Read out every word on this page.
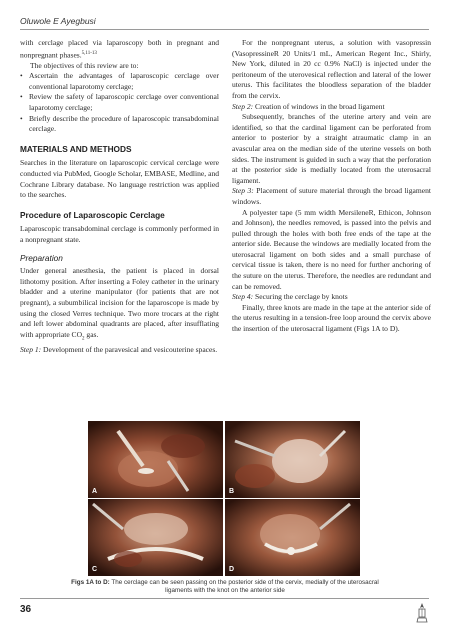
Oluwole E Ayegbusi

with cerclage placed via laparoscopy both in pregnant and nonpregnant phases.$^{5,11-13}$

The objectives of this review are to:

• Ascertain the advantages of laparoscopic cerclage over conventional laparotomy cerclage;
• Review the safety of laparoscopic cerclage over conventional laparotomy cerclage;
• Briefly describe the procedure of laparoscopic transabdominal cerclage.
MATERIALS AND METHODS

Searches in the literature on laparoscopic cervical cerclage were conducted via PubMed, Google Scholar, EMBASE, Medline, and Cochrane Library database. No language restriction was applied to the searches.

Procedure of Laparoscopic Cerclage

Laparoscopic transabdominal cerclage is commonly performed in a nonpregnant state.

Preparation

Under general anesthesia, the patient is placed in dorsal lithotomy position. After inserting a Foley catheter in the urinary bladder and a uterine manipulator (for patients that are not pregnant), a subumbilical incision for the laparoscope is made by using the closed Verres technique. Two more trocars at the right and left lower abdominal quadrants are placed, after insufflating with appropriate $CO_2$ gas.

Step 1: Development of the paravesical and vesicouterine spaces.

For the nonpregnant uterus, a solution with vasopressin (VasopressineR 20 Units/1 mL, American Regent Inc., Shirly, New York, diluted in 20 cc 0.9% NaCl) is injected under the peritoneum of the uterovesical reflection and lateral of the lower uterus. This facilitates the bloodless separation of the bladder from the cervix.

Step 2: Creation of windows in the broad ligament

Subsequently, branches of the uterine artery and vein are identified, so that the cardinal ligament can be perforated from anterior to posterior by a straight atraumatic clamp in an avascular area on the median side of the uterine vessels on both sides. The instrument is guided in such a way that the perforation at the posterior side is medially located from the uterosacral ligament.

Step 3: Placement of suture material through the broad ligament windows.

A polyester tape (5 mm width MersileneR, Ethicon, Johnson and Johnson), the needles removed, is passed into the pelvis and pulled through the holes with both free ends of the tape at the anterior side. Because the windows are medially located from the uterosacral ligament on both sides and a small purchase of cervical tissue is taken, there is no need for further anchoring of the suture on the uterus. Therefore, the needles are redundant and can be removed.

Step 4: Securing the cerclage by knots

Finally, three knots are made in the tape at the anterior side of the uterus resulting in a tension-free loop around the cervix above the insertion of the uterosacral ligament (Figs 1A to D).

A	B
C	D
Figs 1A to D: The cerclage can be seen passing on the posterior side of the cervix, medially of the uterosacral ligaments with the knot on the anterior side
36
